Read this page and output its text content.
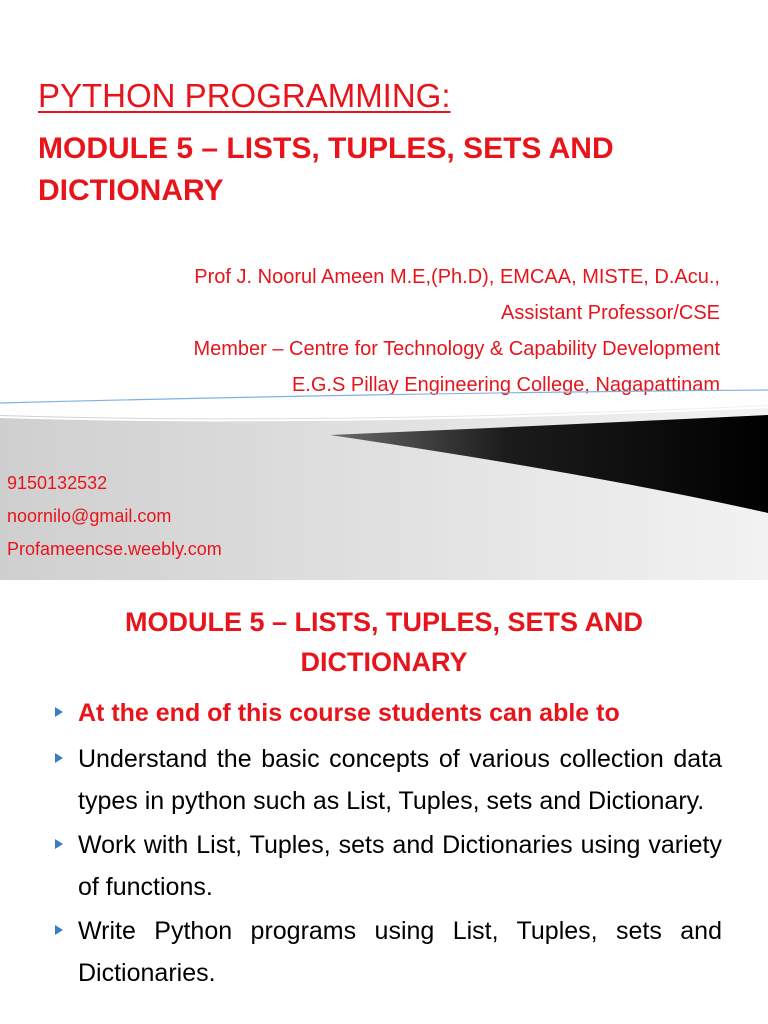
PYTHON PROGRAMMING:
MODULE 5 – LISTS, TUPLES, SETS AND DICTIONARY
Prof J. Noorul Ameen M.E,(Ph.D), EMCAA, MISTE, D.Acu.,
Assistant Professor/CSE
Member – Centre for Technology & Capability Development
E.G.S Pillay Engineering College, Nagapattinam
9150132532
noornilo@gmail.com
Profameencse.weebly.com
MODULE 5 – LISTS, TUPLES, SETS AND DICTIONARY
At the end of this course students can able to
Understand the basic concepts of various collection data types in python such as List, Tuples, sets and Dictionary.
Work with List, Tuples, sets and Dictionaries using variety of functions.
Write Python programs using List, Tuples, sets and Dictionaries.
